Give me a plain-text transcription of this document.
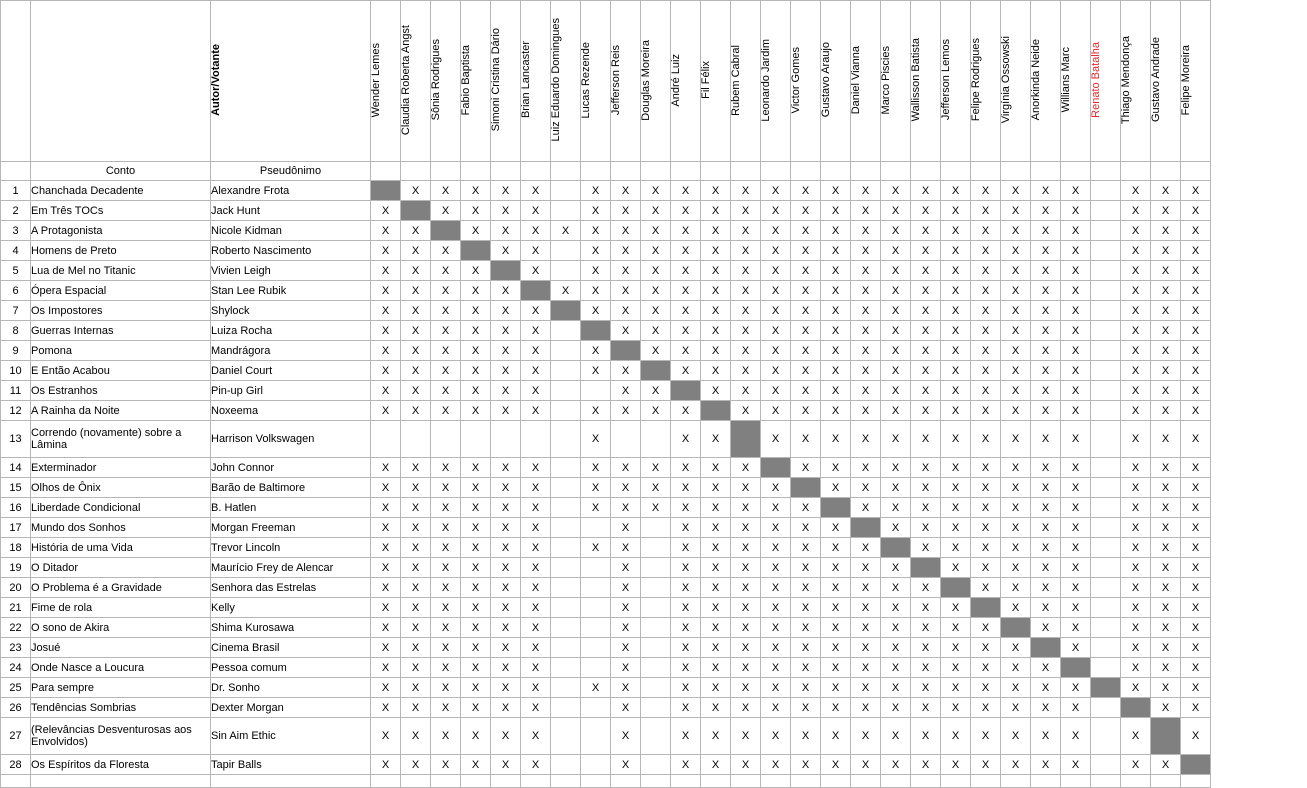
		Autor/Votante	Wender Lemes	Claudia Roberta Angst	Sônia Rodrigues	Fabio Baptista	Simoni Cristina Dário	Brian Lancaster	Luiz Eduardo Domingues	Lucas Rezende	Jefferson Reis	Douglas Moreira	André Luiz	Fil Félix	Rubem Cabral	Leonardo Jardim	Victor Gomes	Gustavo Araujo	Daniel Vianna	Marco Piscies	Wallisson Batista	Jefferson Lemos	Felipe Rodrigues	Virgínia Ossowski	Anorkinda Neide	Willians Marc	Renato Batalha	Thiago Mendonça	Gustavo Andrade	Felipe Moreira
	Conto	Pseudônimo																												
1	Chanchada Decadente	Alexandre Frota		X	X	X	X	X		X	X	X	X	X	X	X	X	X	X	X	X	X	X	X	X	X		X	X	X
2	Em Três TOCs	Jack Hunt	X		X	X	X	X		X	X	X	X	X	X	X	X	X	X	X	X	X	X	X	X	X		X	X	X
3	A Protagonista	Nicole Kidman	X	X		X	X	X	X	X	X	X	X	X	X	X	X	X	X	X	X	X	X	X	X	X		X	X	X
4	Homens de Preto	Roberto Nascimento	X	X	X		X	X		X	X	X	X	X	X	X	X	X	X	X	X	X	X	X	X	X		X	X	X
5	Lua de Mel no Titanic	Vivien Leigh	X	X	X	X		X		X	X	X	X	X	X	X	X	X	X	X	X	X	X	X	X	X		X	X	X
6	Ópera Espacial	Stan Lee Rubik	X	X	X	X	X		X	X	X	X	X	X	X	X	X	X	X	X	X	X	X	X	X	X		X	X	X
7	Os Impostores	Shylock	X	X	X	X	X	X		X	X	X	X	X	X	X	X	X	X	X	X	X	X	X	X	X		X	X	X
8	Guerras Internas	Luiza Rocha	X	X	X	X	X	X			X	X	X	X	X	X	X	X	X	X	X	X	X	X	X	X		X	X	X
9	Pomona	Mandrágora	X	X	X	X	X	X		X		X	X	X	X	X	X	X	X	X	X	X	X	X	X	X		X	X	X
10	E Então Acabou	Daniel Court	X	X	X	X	X	X		X	X		X	X	X	X	X	X	X	X	X	X	X	X	X	X		X	X	X
11	Os Estranhos	Pin-up Girl	X	X	X	X	X	X			X	X		X	X	X	X	X	X	X	X	X	X	X	X	X		X	X	X
12	A Rainha da Noite	Noxeema	X	X	X	X	X	X		X	X	X	X		X	X	X	X	X	X	X	X	X	X	X	X		X	X	X
13	Correndo (novamente) sobre a Lâmina	Harrison Volkswagen								X			X	X		X	X	X	X	X	X	X	X	X	X	X		X	X	X
14	Exterminador	John Connor	X	X	X	X	X	X		X	X	X	X	X	X		X	X	X	X	X	X	X	X	X	X		X	X	X
15	Olhos de Ônix	Barão de Baltimore	X	X	X	X	X	X		X	X	X	X	X	X	X		X	X	X	X	X	X	X	X	X		X	X	X
16	Liberdade Condicional	B. Hatlen	X	X	X	X	X	X		X	X	X	X	X	X	X	X		X	X	X	X	X	X	X	X		X	X	X
17	Mundo dos Sonhos	Morgan Freeman	X	X	X	X	X	X			X		X	X	X	X	X	X		X	X	X	X	X	X	X		X	X	X
18	História de uma Vida	Trevor Lincoln	X	X	X	X	X	X		X	X		X	X	X	X	X	X	X		X	X	X	X	X	X		X	X	X
19	O Ditador	Maurício Frey de Alencar	X	X	X	X	X	X			X		X	X	X	X	X	X	X	X		X	X	X	X	X		X	X	X
20	O Problema é a Gravidade	Senhora das Estrelas	X	X	X	X	X	X			X		X	X	X	X	X	X	X	X	X		X	X	X	X		X	X	X
21	Fime de rola	Kelly	X	X	X	X	X	X			X		X	X	X	X	X	X	X	X	X	X		X	X	X		X	X	X
22	O sono de Akira	Shima Kurosawa	X	X	X	X	X	X			X		X	X	X	X	X	X	X	X	X	X	X		X	X		X	X	X
23	Josué	Cinema Brasil	X	X	X	X	X	X			X		X	X	X	X	X	X	X	X	X	X	X	X		X		X	X	X
24	Onde Nasce a Loucura	Pessoa comum	X	X	X	X	X	X			X		X	X	X	X	X	X	X	X	X	X	X	X	X			X	X	X
25	Para sempre	Dr. Sonho	X	X	X	X	X	X		X	X		X	X	X	X	X	X	X	X	X	X	X	X	X	X		X	X	X
26	Tendências Sombrias	Dexter Morgan	X	X	X	X	X	X			X		X	X	X	X	X	X	X	X	X	X	X	X	X	X			X	X
27	(Relevâncias Desventurosas aos Envolvidos)	Sin Aim Ethic	X	X	X	X	X	X			X		X	X	X	X	X	X	X	X	X	X	X	X	X	X		X		X
28	Os Espíritos da Floresta	Tapir Balls	X	X	X	X	X	X			X		X	X	X	X	X	X	X	X	X	X	X	X	X	X		X	X	
